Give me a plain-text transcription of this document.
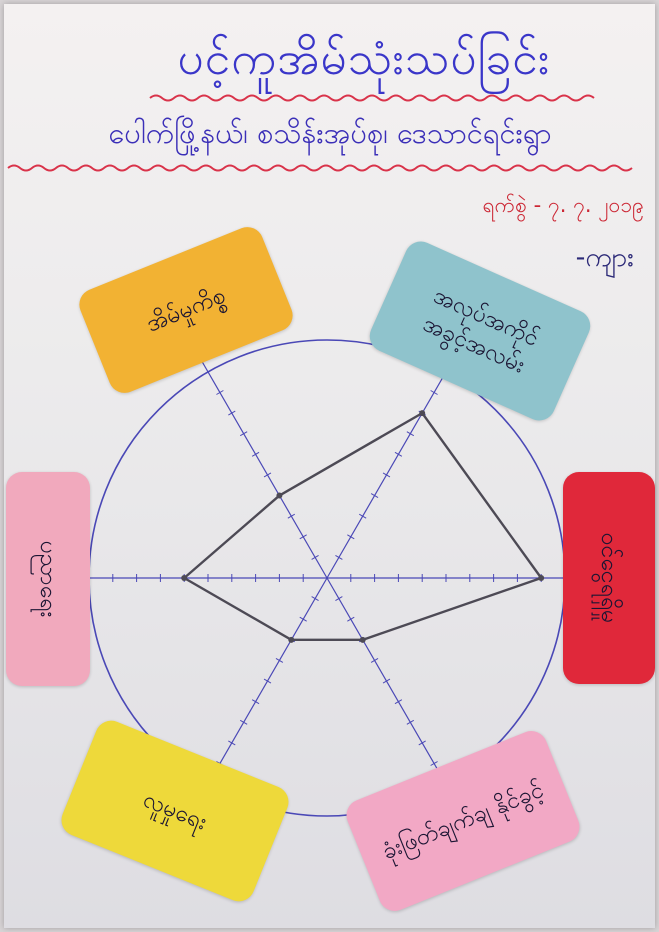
ပင့်ကူအိမ်သုံးသပ်ခြင်း
ပေါက်ဖြို့နယ်၊ စသိန်းအုပ်စု၊ ဒေသာင်ရင်းရွာ
ရက်စွဲ - ၇. ၇. ၂၀၁၉
-ကျား
အိမ်မှုကိစ္စ	အလုပ်အကိုင် အခွင့်အလမ်း
ဝင်ငွေရရှိမှု
ခုံးဖြတ်ချက်ချ နိုင်ခွင့်
လူမှုရေး
ပညာရေး
